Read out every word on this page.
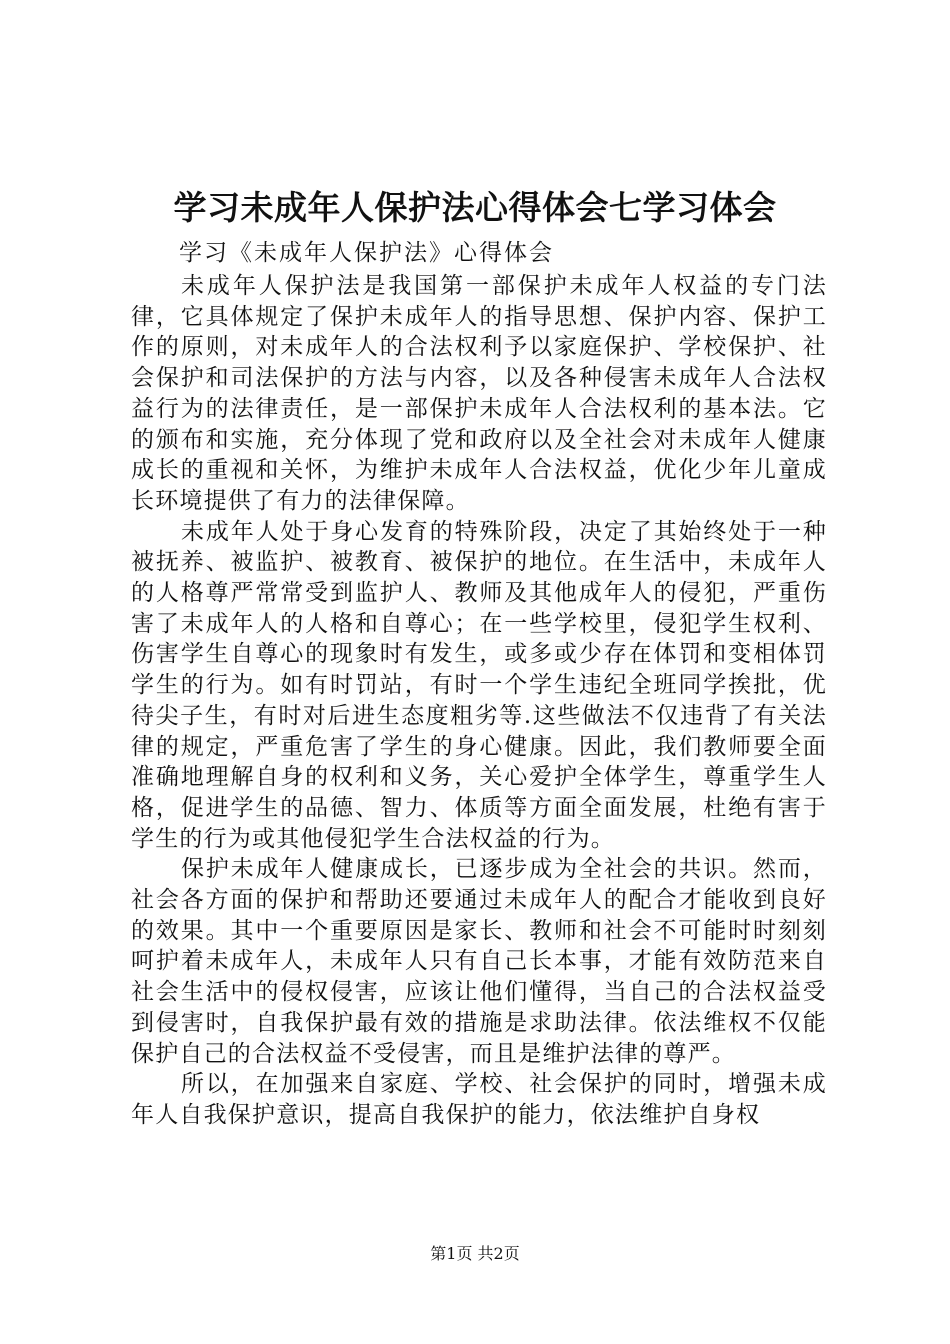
学习未成年人保护法心得体会七学习体会

学习《未成年人保护法》心得体会

未成年人保护法是我国第一部保护未成年人权益的专门法律，它具体规定了保护未成年人的指导思想、保护内容、保护工作的原则，对未成年人的合法权利予以家庭保护、学校保护、社会保护和司法保护的方法与内容，以及各种侵害未成年人合法权益行为的法律责任，是一部保护未成年人合法权利的基本法。它的颁布和实施，充分体现了党和政府以及全社会对未成年人健康成长的重视和关怀，为维护未成年人合法权益，优化少年儿童成长环境提供了有力的法律保障。

未成年人处于身心发育的特殊阶段，决定了其始终处于一种被抚养、被监护、被教育、被保护的地位。在生活中，未成年人的人格尊严常常受到监护人、教师及其他成年人的侵犯，严重伤害了未成年人的人格和自尊心；在一些学校里，侵犯学生权利、伤害学生自尊心的现象时有发生，或多或少存在体罚和变相体罚学生的行为。如有时罚站，有时一个学生违纪全班同学挨批，优待尖子生，有时对后进生态度粗劣等.这些做法不仅违背了有关法律的规定，严重危害了学生的身心健康。因此，我们教师要全面准确地理解自身的权利和义务，关心爱护全体学生，尊重学生人格，促进学生的品德、智力、体质等方面全面发展，杜绝有害于学生的行为或其他侵犯学生合法权益的行为。

保护未成年人健康成长，已逐步成为全社会的共识。然而，社会各方面的保护和帮助还要通过未成年人的配合才能收到良好的效果。其中一个重要原因是家长、教师和社会不可能时时刻刻呵护着未成年人，未成年人只有自己长本事，才能有效防范来自社会生活中的侵权侵害，应该让他们懂得，当自己的合法权益受到侵害时，自我保护最有效的措施是求助法律。依法维权不仅能保护自己的合法权益不受侵害，而且是维护法律的尊严。

所以，在加强来自家庭、学校、社会保护的同时，增强未成年人自我保护意识，提高自我保护的能力，依法维护自身权

第1页 共2页
